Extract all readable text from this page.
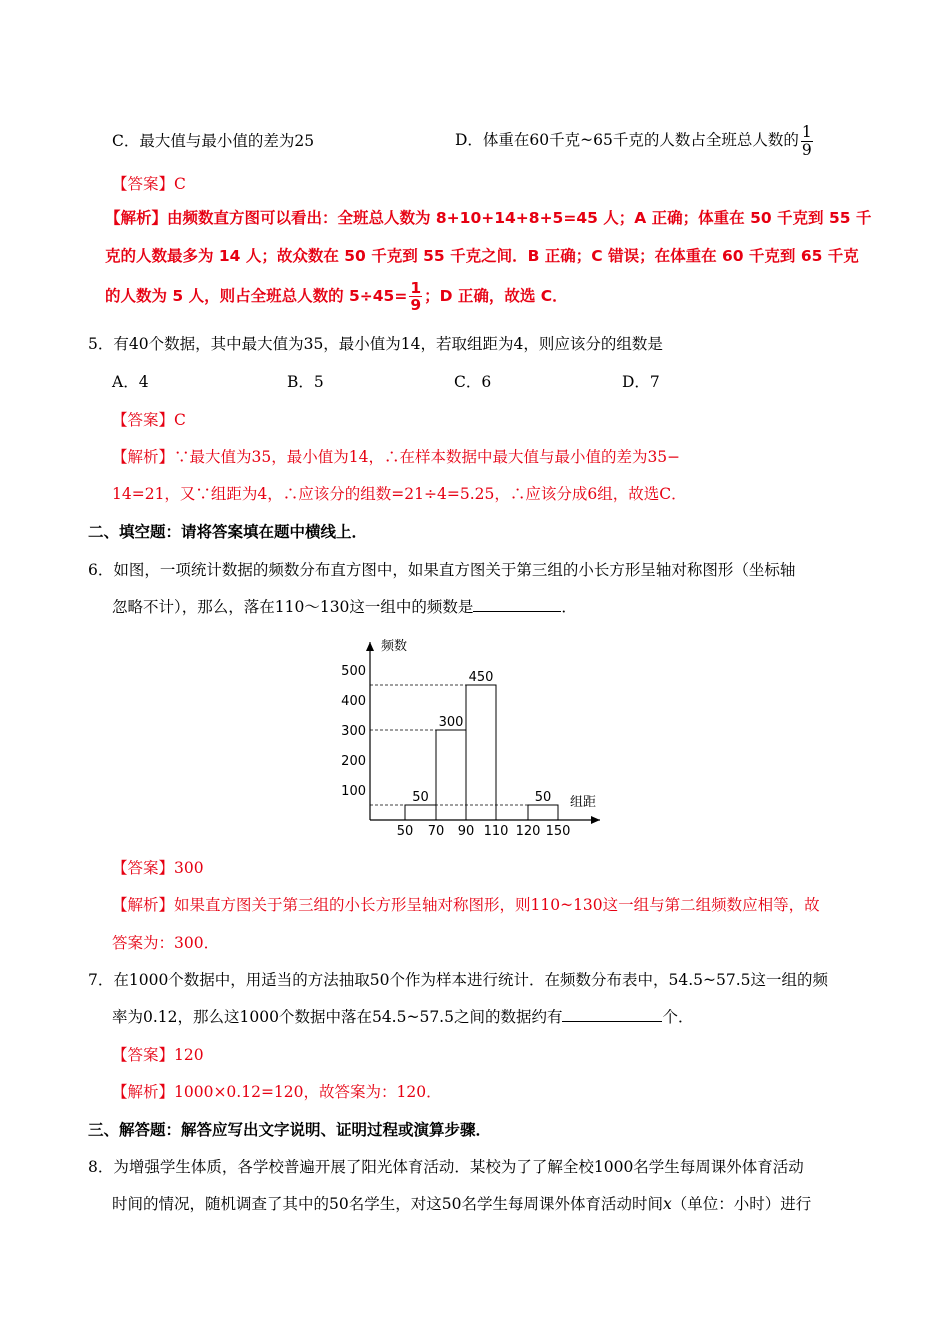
C．最大值与最小值的差为25	D．体重在60千克~65千克的人数占全班总人数的 $\frac{1}{9}$
【答案】C
【解析】由频数直方图可以看出：全班总人数为 8+10+14+8+5=45 人；A 正确；体重在 50 千克到 55 千
克的人数最多为 14 人；故众数在 50 千克到 55 千克之间．B 正确；C 错误；在体重在 60 千克到 65 千克
的人数为 5 人，则占全班总人数的 $5\div 45= \frac{1}{9}$ ；D 正确，故选 C．
5．有40个数据，其中最大值为35，最小值为14，若取组距为4，则应该分的组数是
A．4	B．5	C．6	D．7
【答案】C
【解析】∵最大值为35，最小值为14，∴在样本数据中最大值与最小值的差为35−
14=21，又∵组距为4，∴应该分的组数=21÷4=5.25，∴应该分成6组，故选C．
二、填空题：请将答案填在题中横线上．
6．如图，一项统计数据的频数分布直方图中，如果直方图关于第三组的小长方形呈轴对称图形（坐标轴
忽略不计），那么，落在110～130这一组中的频数是	．
频数
组距
500
400
300
200
100
50 70 90 110 120 150
50
300
450
50
【答案】300
【解析】如果直方图关于第三组的小长方形呈轴对称图形，则110~130这一组与第二组频数应相等，故
答案为：300．
7．在1000个数据中，用适当的方法抽取50个作为样本进行统计．在频数分布表中，54.5~57.5这一组的频
率为0.12，那么这1000个数据中落在54.5~57.5之间的数据约有	个．
【答案】120
【解析】1000×0.12=120，故答案为：120．
三、解答题：解答应写出文字说明、证明过程或演算步骤．
8．为增强学生体质，各学校普遍开展了阳光体育活动．某校为了了解全校1000名学生每周课外体育活动
时间的情况，随机调查了其中的50名学生，对这50名学生每周课外体育活动时间x（单位：小时）进行
